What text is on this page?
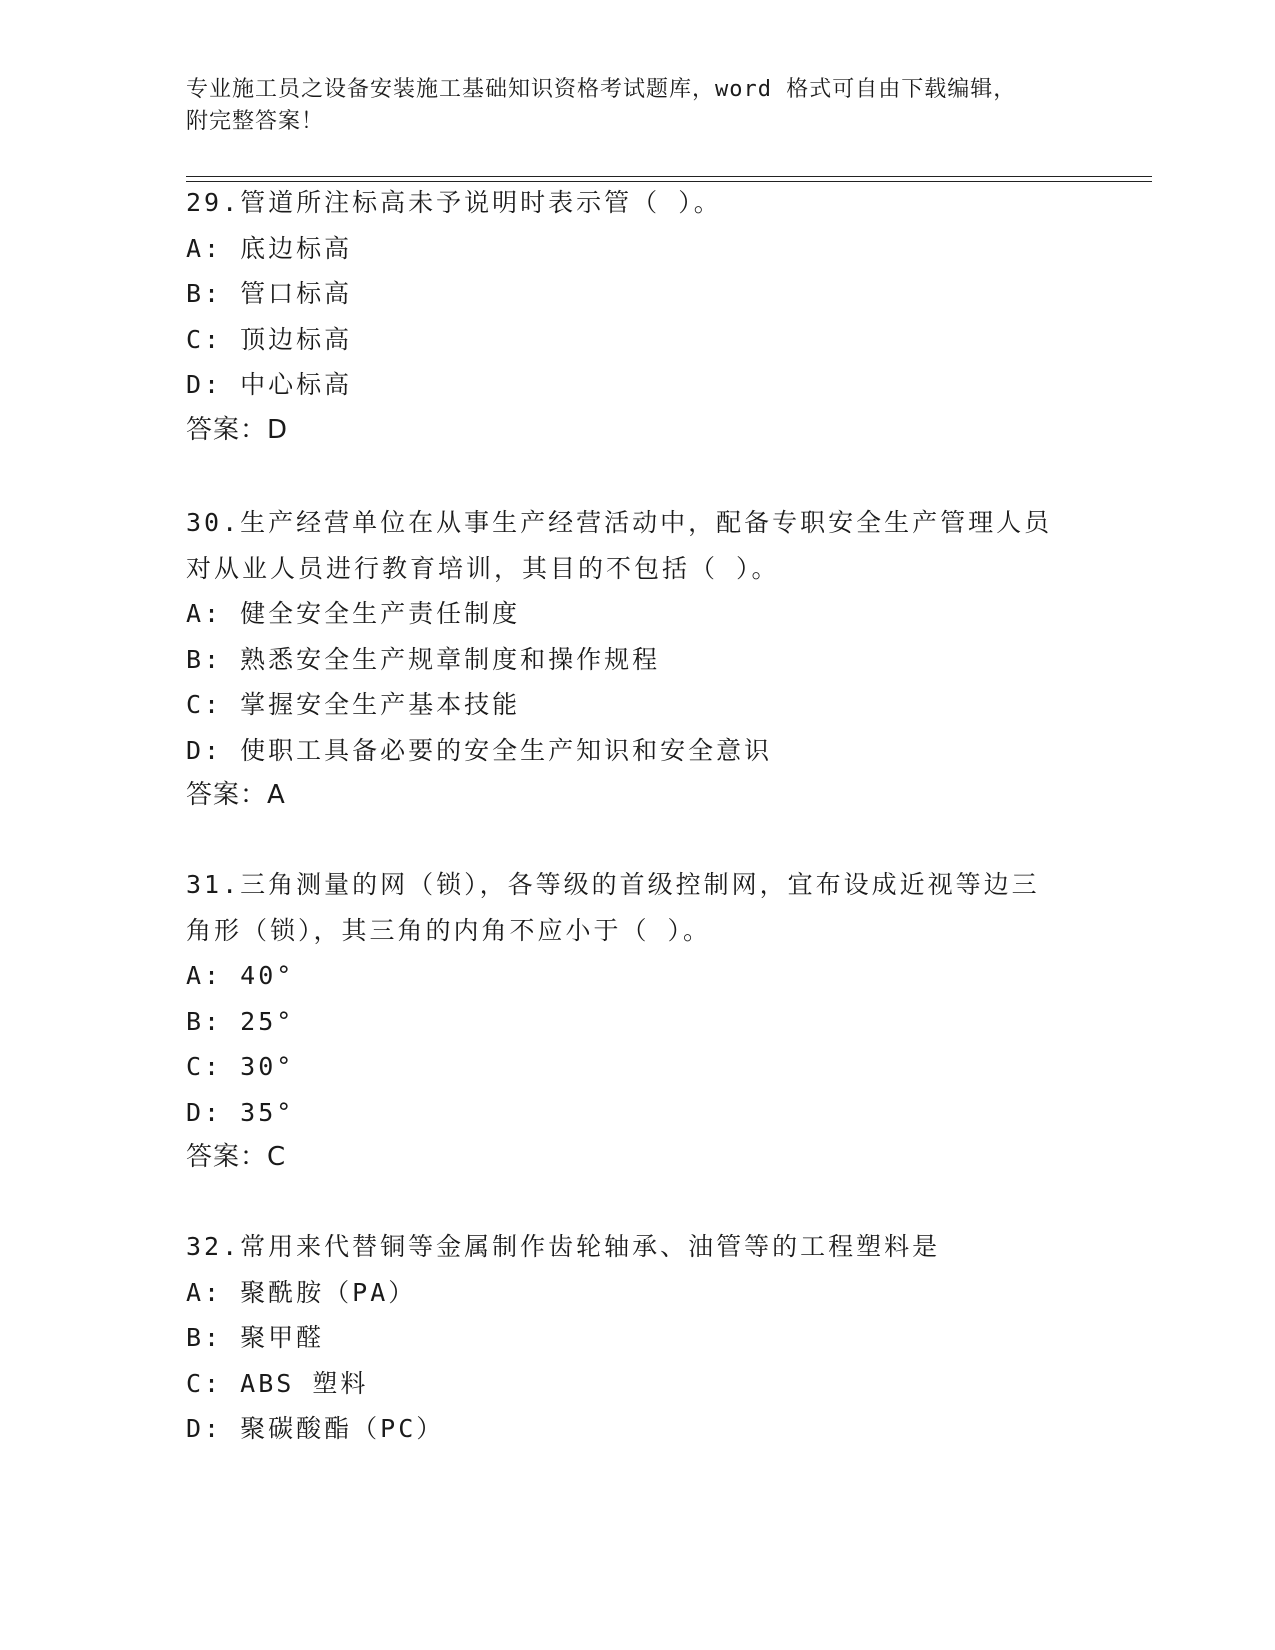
专业施工员之设备安装施工基础知识资格考试题库，word 格式可自由下载编辑，
附完整答案！
29.管道所注标高未予说明时表示管（ ）。
A: 底边标高
B: 管口标高
C: 顶边标高
D: 中心标高
答案：D
30.生产经营单位在从事生产经营活动中，配备专职安全生产管理人员
对从业人员进行教育培训，其目的不包括（ ）。
A: 健全安全生产责任制度
B: 熟悉安全生产规章制度和操作规程
C: 掌握安全生产基本技能
D: 使职工具备必要的安全生产知识和安全意识
答案：A
31.三角测量的网（锁），各等级的首级控制网，宜布设成近视等边三
角形（锁），其三角的内角不应小于（ ）。
A: 40°
B: 25°
C: 30°
D: 35°
答案：C
32.常用来代替铜等金属制作齿轮轴承、油管等的工程塑料是
A: 聚酰胺（PA）
B: 聚甲醛
C: ABS 塑料
D: 聚碳酸酯（PC）
